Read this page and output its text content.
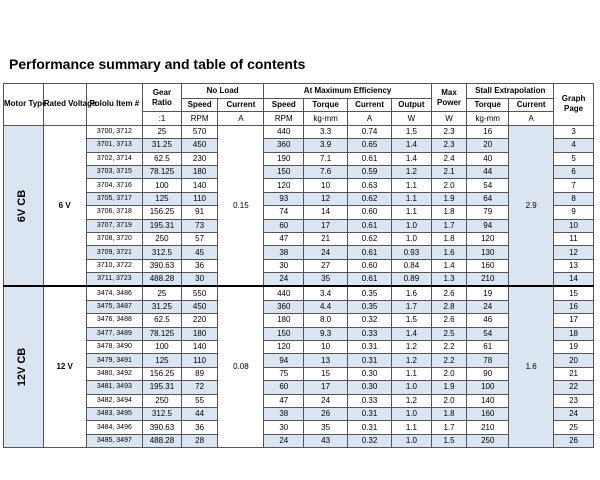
Performance summary and table of contents
Motor Type	Rated Voltage	Pololu Item #	Gear Ratio	No Load		At Maximum Efficiency				Max Power	Stall Extrapolation		Graph Page
				Speed	Current	Speed	Torque	Current	Output		Torque	Current	
			:1	RPM	A	RPM	kg-mm	A	W	W	kg-mm	A	

6V CB	6 V	3700, 3712	25	570	0.15	440	3.3	0.74	1.5	2.3	16	2.9	3
		3701, 3713	31.25	450		360	3.9	0.65	1.4	2.3	20		4
		3702, 3714	62.5	230		190	7.1	0.61	1.4	2.4	40		5
		3703, 3715	78.125	180		150	7.6	0.59	1.2	2.1	44		6
		3704, 3716	100	140		120	10	0.63	1.1	2.0	54		7
		3705, 3717	125	110		93	12	0.62	1.1	1.9	64		8
		3706, 3718	156.25	91		74	14	0.60	1.1	1.8	79		9
		3707, 3719	195.31	73		60	17	0.61	1.0	1.7	94		10
		3708, 3720	250	57		47	21	0.62	1.0	1.8	120		11
		3709, 3721	312.5	45		38	24	0.61	0.93	1.6	130		12
		3710, 3722	390.63	36		30	27	0.60	0.84	1.4	160		13
		3711, 3723	488.28	30		24	35	0.61	0.89	1.3	210		14

12V CB	12 V	3474, 3486	25	550	0.08	440	3.4	0.35	1.6	2.6	19	1.6	15
		3475, 3487	31.25	450		360	4.4	0.35	1.7	2.8	24		16
		3476, 3488	62.5	220		180	8.0	0.32	1.5	2.6	46		17
		3477, 3489	78.125	180		150	9.3	0.33	1.4	2.5	54		18
		3478, 3490	100	140		120	10	0.31	1.2	2.2	61		19
		3479, 3491	125	110		94	13	0.31	1.2	2.2	78		20
		3480, 3492	156.25	89		75	15	0.30	1.1	2.0	90		21
		3481, 3493	195.31	72		60	17	0.30	1.0	1.9	100		22
		3482, 3494	250	55		47	24	0.33	1.2	2.0	140		23
		3483, 3495	312.5	44		38	26	0.31	1.0	1.8	160		24
		3484, 3496	390.63	36		30	35	0.31	1.1	1.7	210		25
		3485, 3497	488.28	28		24	43	0.32	1.0	1.5	250		26
